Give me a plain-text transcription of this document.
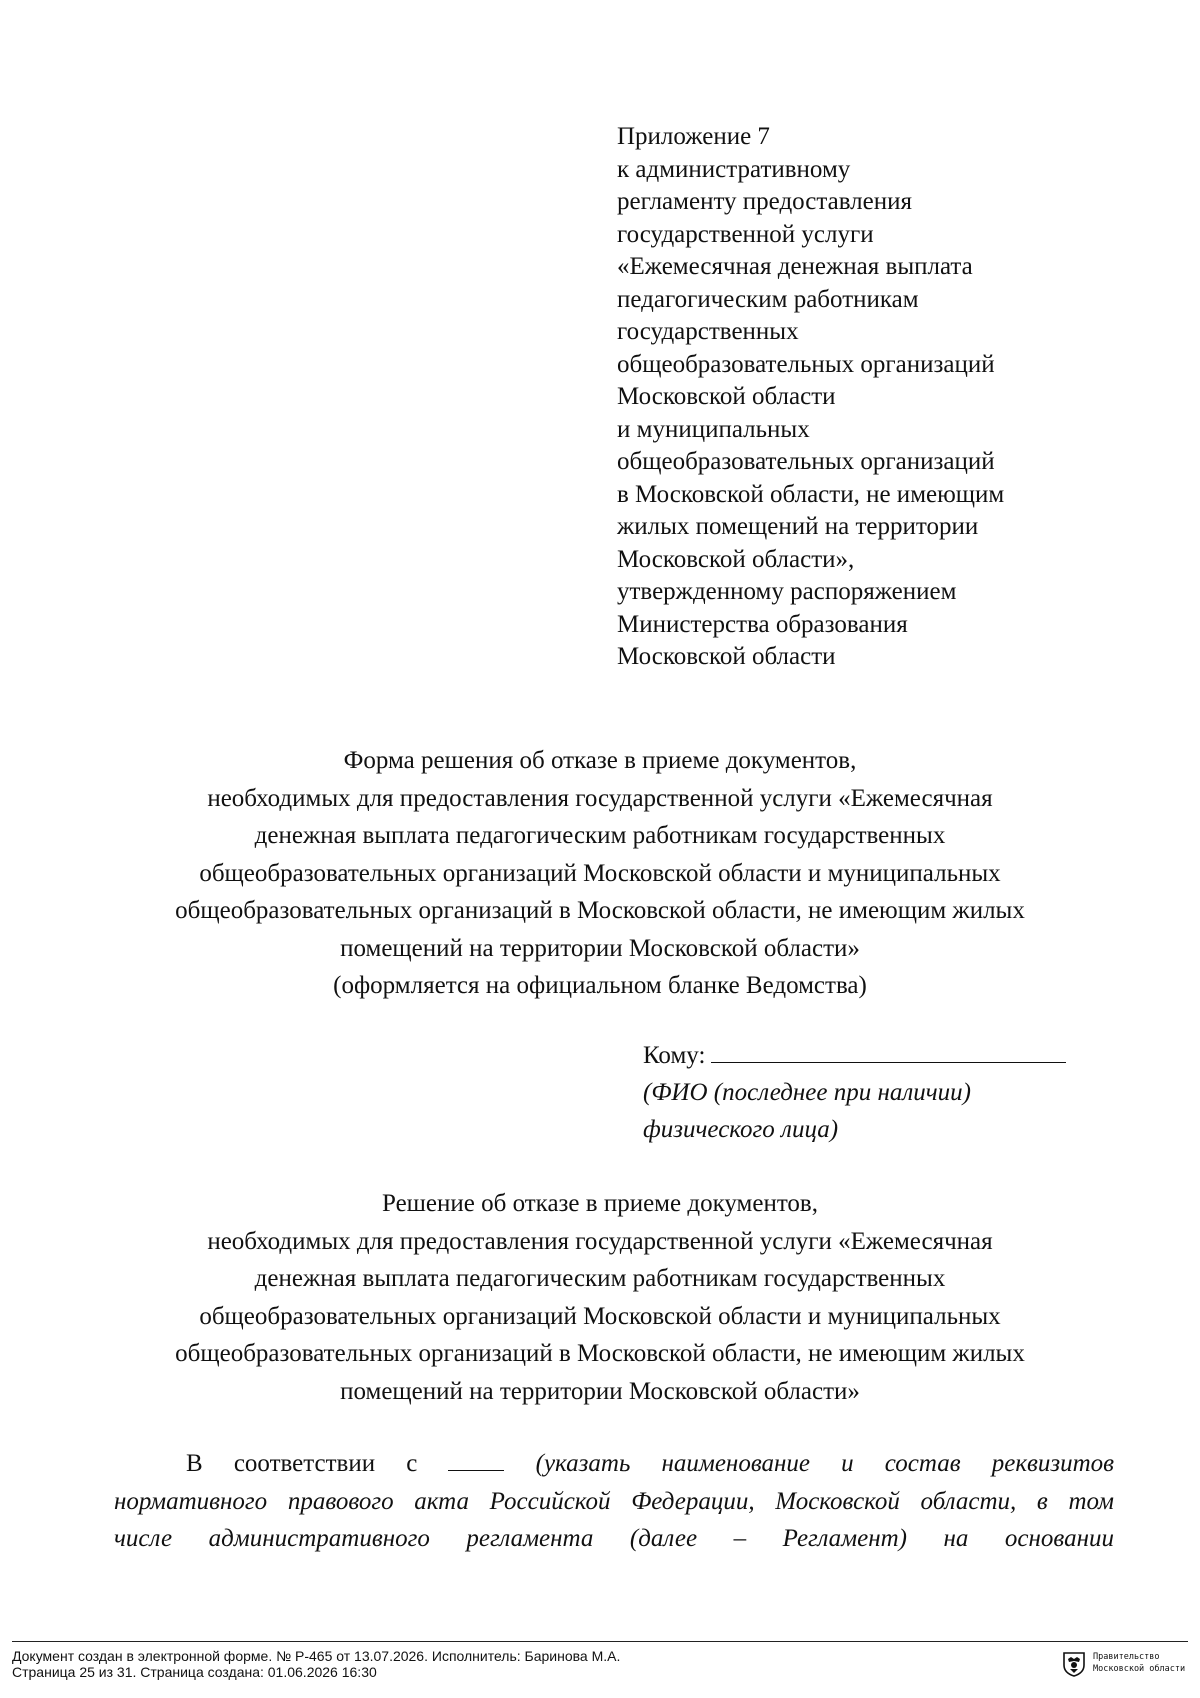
Приложение 7
к административному
регламенту предоставления
государственной услуги
«Ежемесячная денежная выплата
педагогическим работникам
государственных
общеобразовательных организаций
Московской области
и муниципальных
общеобразовательных организаций
в Московской области, не имеющим
жилых помещений на территории
Московской области»,
утвержденному распоряжением
Министерства образования
Московской области
Форма решения об отказе в приеме документов,
необходимых для предоставления государственной услуги «Ежемесячная
денежная выплата педагогическим работникам государственных
общеобразовательных организаций Московской области и муниципальных
общеобразовательных организаций в Московской области, не имеющим жилых
помещений на территории Московской области»
(оформляется на официальном бланке Ведомства)
Кому:
(ФИО (последнее при наличии)
физического лица)
Решение об отказе в приеме документов,
необходимых для предоставления государственной услуги «Ежемесячная
денежная выплата педагогическим работникам государственных
общеобразовательных организаций Московской области и муниципальных
общеобразовательных организаций в Московской области, не имеющим жилых
помещений на территории Московской области»
В соответствии с	(указать наименование и состав реквизитов
нормативного правового акта Российской Федерации, Московской области, в том
числе административного регламента (далее – Регламент) на основании
Документ создан в электронной форме. № Р-465 от 13.07.2026. Исполнитель: Баринова М.А.
Страница 25 из 31. Страница создана: 01.06.2026 16:30
Правительство
Московской области
